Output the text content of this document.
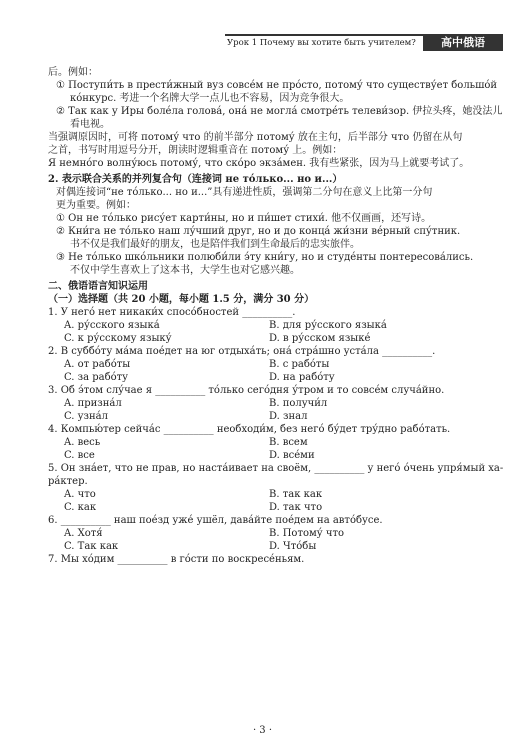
Урок 1 Почему вы хотите быть учителем?	高中俄语
后。例如：
① Поступи́ть в прести́жный вуз совсе́м не про́сто, потому́ что существу́ет большо́й
ко́нкурс. 考进一个名牌大学一点儿也不容易，因为竞争很大。
② Так как у Иры боле́ла голова́, она́ не могла́ смотре́ть телеви́зор. 伊拉头疼，她没法儿
看电视。
当强调原因时，可将 потому́ что 的前半部分 потому́ 放在主句，后半部分 что 仍留在从句
之首，书写时用逗号分开，朗读时逻辑重音在 потому́ 上。例如：
Я немно́го волну́юсь потому́, что ско́ро экза́мен. 我有些紧张，因为马上就要考试了。
2. 表示联合关系的并列复合句（连接词 не то́лько... но и...）
对偶连接词“не то́лько... но и...”具有递进性质，强调第二分句在意义上比第一分句
更为重要。例如：
① Он не то́лько рису́ет карти́ны, но и пи́шет стихи́. 他不仅画画，还写诗。
② Кни́га не то́лько наш лу́чший друг, но и до конца́ жи́зни ве́рный спу́тник.
书不仅是我们最好的朋友，也是陪伴我们到生命最后的忠实旅伴。
③ Не то́лько шко́льники полюби́ли э́ту кни́гу, но и студе́нты понтересова́лись.
不仅中学生喜欢上了这本书，大学生也对它感兴趣。
二、俄语语言知识运用
（一）选择题（共 20 小题，每小题 1.5 分，满分 30 分）
1. У него́ нет никаки́х спосо́бностей __________.
A. ру́сского языка́	B. для ру́сского языка́
C. к ру́сскому языку́	D. в ру́сском языке́
2. В суббо́ту ма́ма поéдет на юг отдыха́ть; она́ стра́шно уста́ла __________.
A. от рабо́ты	B. с рабо́ты
C. за рабо́ту	D. на рабо́ту
3. Об э́том слу́чае я __________ то́лько сего́дня у́тром и то совсе́м случа́йно.
A. призна́л	B. получи́л
C. узна́л	D. знал
4. Компью́тер сейча́с __________ необходи́м, без него́ бу́дет тру́дно рабо́тать.
A. весь	B. всем
C. все	D. все́ми
5. Он зна́ет, что не прав, но наста́ивает на своём, __________ у него́ о́чень упря́мый ха-
ра́ктер.
A. что	B. так как
C. как	D. так что
6. __________ наш поéзд уже́ ушёл, дава́йте поéдем на авто́бусе.
A. Хотя́	B. Потому́ что
C. Так как	D. Что́бы
7. Мы хо́дим __________ в го́сти по воскресе́ньям.
· 3 ·
